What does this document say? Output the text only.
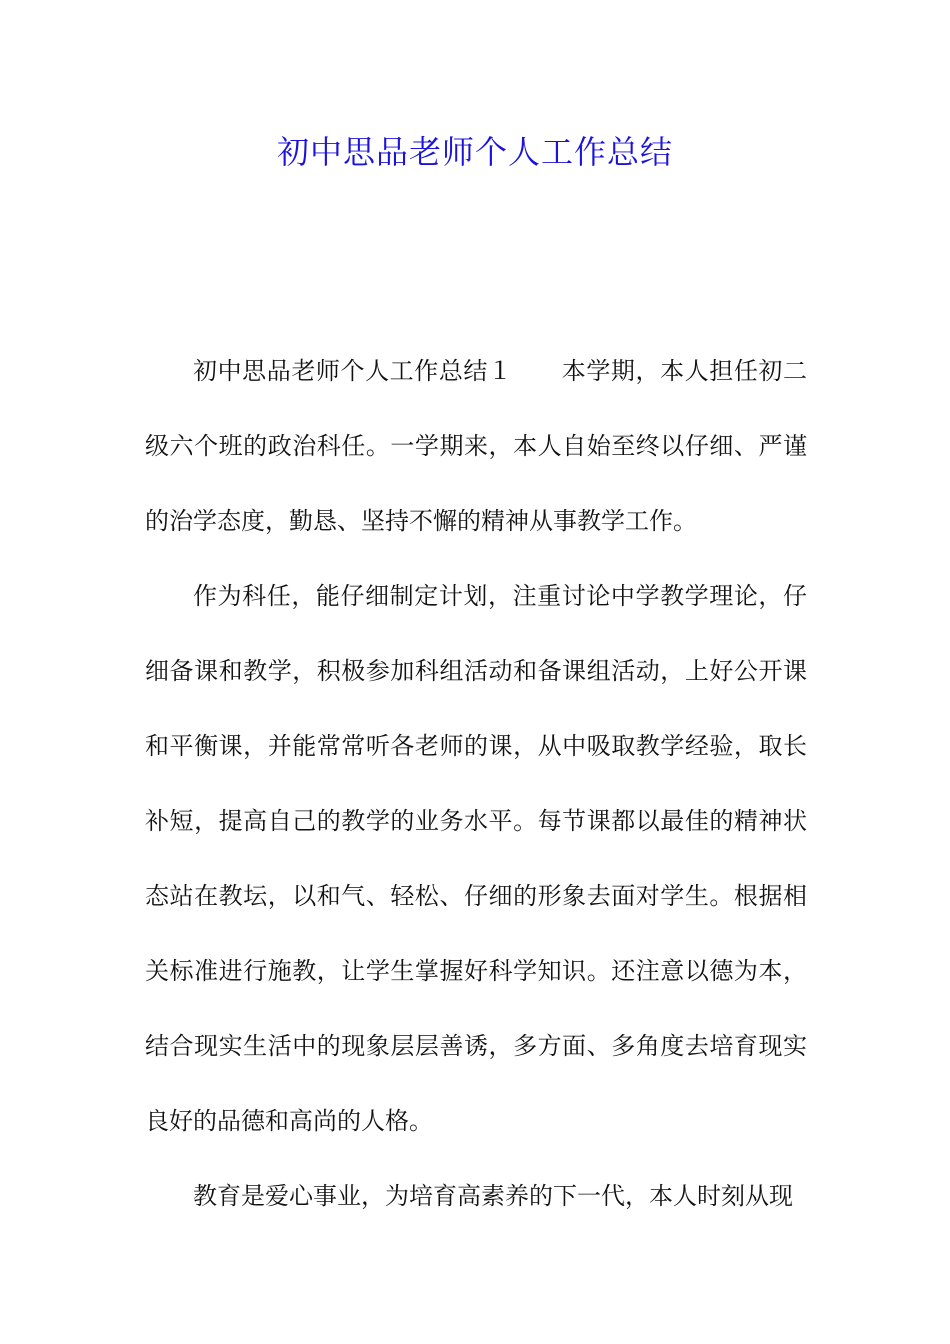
初中思品老师个人工作总结

初中思品老师个人工作总结１　　本学期，本人担任初二级六个班的政治科任。一学期来，本人自始至终以仔细、严谨的治学态度，勤恳、坚持不懈的精神从事教学工作。

作为科任，能仔细制定计划，注重讨论中学教学理论，仔细备课和教学，积极参加科组活动和备课组活动，上好公开课和平衡课，并能常常听各老师的课，从中吸取教学经验，取长补短，提高自己的教学的业务水平。每节课都以最佳的精神状态站在教坛，以和气、轻松、仔细的形象去面对学生。根据相关标准进行施教，让学生掌握好科学知识。还注意以德为本，结合现实生活中的现象层层善诱，多方面、多角度去培育现实良好的品德和高尚的人格。

教育是爱心事业，为培育高素养的下一代，本人时刻从现
